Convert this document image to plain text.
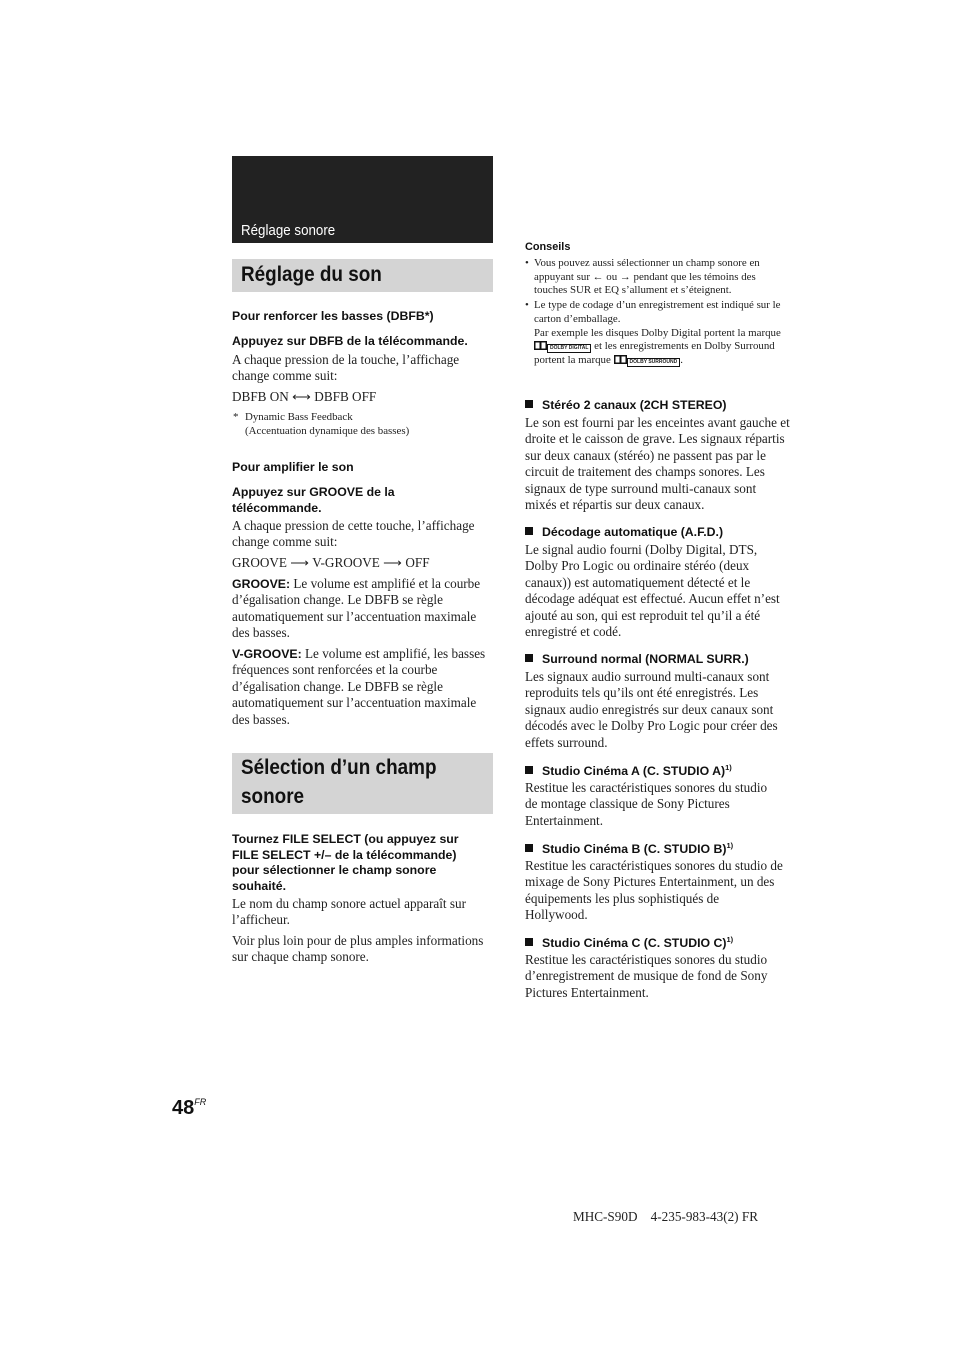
Réglage sonore
Réglage du son
Pour renforcer les basses (DBFB*)
Appuyez sur DBFB de la télécommande.
A chaque pression de la touche, l’affichage change comme suit:
DBFB ON ⟷ DBFB OFF
* Dynamic Bass Feedback
(Accentuation dynamique des basses)
Pour amplifier le son
Appuyez sur GROOVE de la télécommande.
A chaque pression de cette touche, l’affichage change comme suit:
GROOVE ⟶ V-GROOVE ⟶ OFF
GROOVE: Le volume est amplifié et la courbe d’égalisation change. Le DBFB se règle automatiquement sur l’accentuation maximale des basses.
V-GROOVE: Le volume est amplifié, les basses fréquences sont renforcées et la courbe d’égalisation change. Le DBFB se règle automatiquement sur l’accentuation maximale des basses.
Sélection d’un champ
sonore
Tournez FILE SELECT (ou appuyez sur FILE SELECT +/– de la télécommande) pour sélectionner le champ sonore souhaité.
Le nom du champ sonore actuel apparaît sur l’afficheur.
Voir plus loin pour de plus amples informations sur chaque champ sonore.
Conseils
• Vous pouvez aussi sélectionner un champ sonore en appuyant sur ← ou → pendant que les témoins des touches SUR et EQ s’allument et s’éteignent.
• Le type de codage d’un enregistrement est indiqué sur le carton d’emballage.
Par exemple les disques Dolby Digital portent la marque DOLBY DIGITAL et les enregistrements en Dolby Surround portent la marque	DOLBY SURROUND .
Stéréo 2 canaux (2CH STEREO)
Le son est fourni par les enceintes avant gauche et droite et le caisson de grave. Les signaux répartis sur deux canaux (stéréo) ne passent pas par le circuit de traitement des champs sonores. Les signaux de type surround multi-canaux sont mixés et répartis sur deux canaux.
Décodage automatique (A.F.D.)
Le signal audio fourni (Dolby Digital, DTS, Dolby Pro Logic ou ordinaire stéréo (deux canaux)) est automatiquement détecté et le décodage adéquat est effectué. Aucun effet n’est ajouté au son, qui est reproduit tel qu’il a été enregistré et codé.
Surround normal (NORMAL SURR.)
Les signaux audio surround multi-canaux sont reproduits tels qu’ils ont été enregistrés. Les signaux audio enregistrés sur deux canaux sont décodés avec le Dolby Pro Logic pour créer des effets surround.
Studio Cinéma A (C. STUDIO A)$^{1)}$
Restitue les caractéristiques sonores du studio de montage classique de Sony Pictures Entertainment.
Studio Cinéma B (C. STUDIO B)$^{1)}$
Restitue les caractéristiques sonores du studio de mixage de Sony Pictures Entertainment, un des équipements les plus sophistiqués de Hollywood.
Studio Cinéma C (C. STUDIO C)$^{1)}$
Restitue les caractéristiques sonores du studio d’enregistrement de musique de fond de Sony Pictures Entertainment.
$48^{FR}$
MHC-S90D    4-235-983-43(2) FR
